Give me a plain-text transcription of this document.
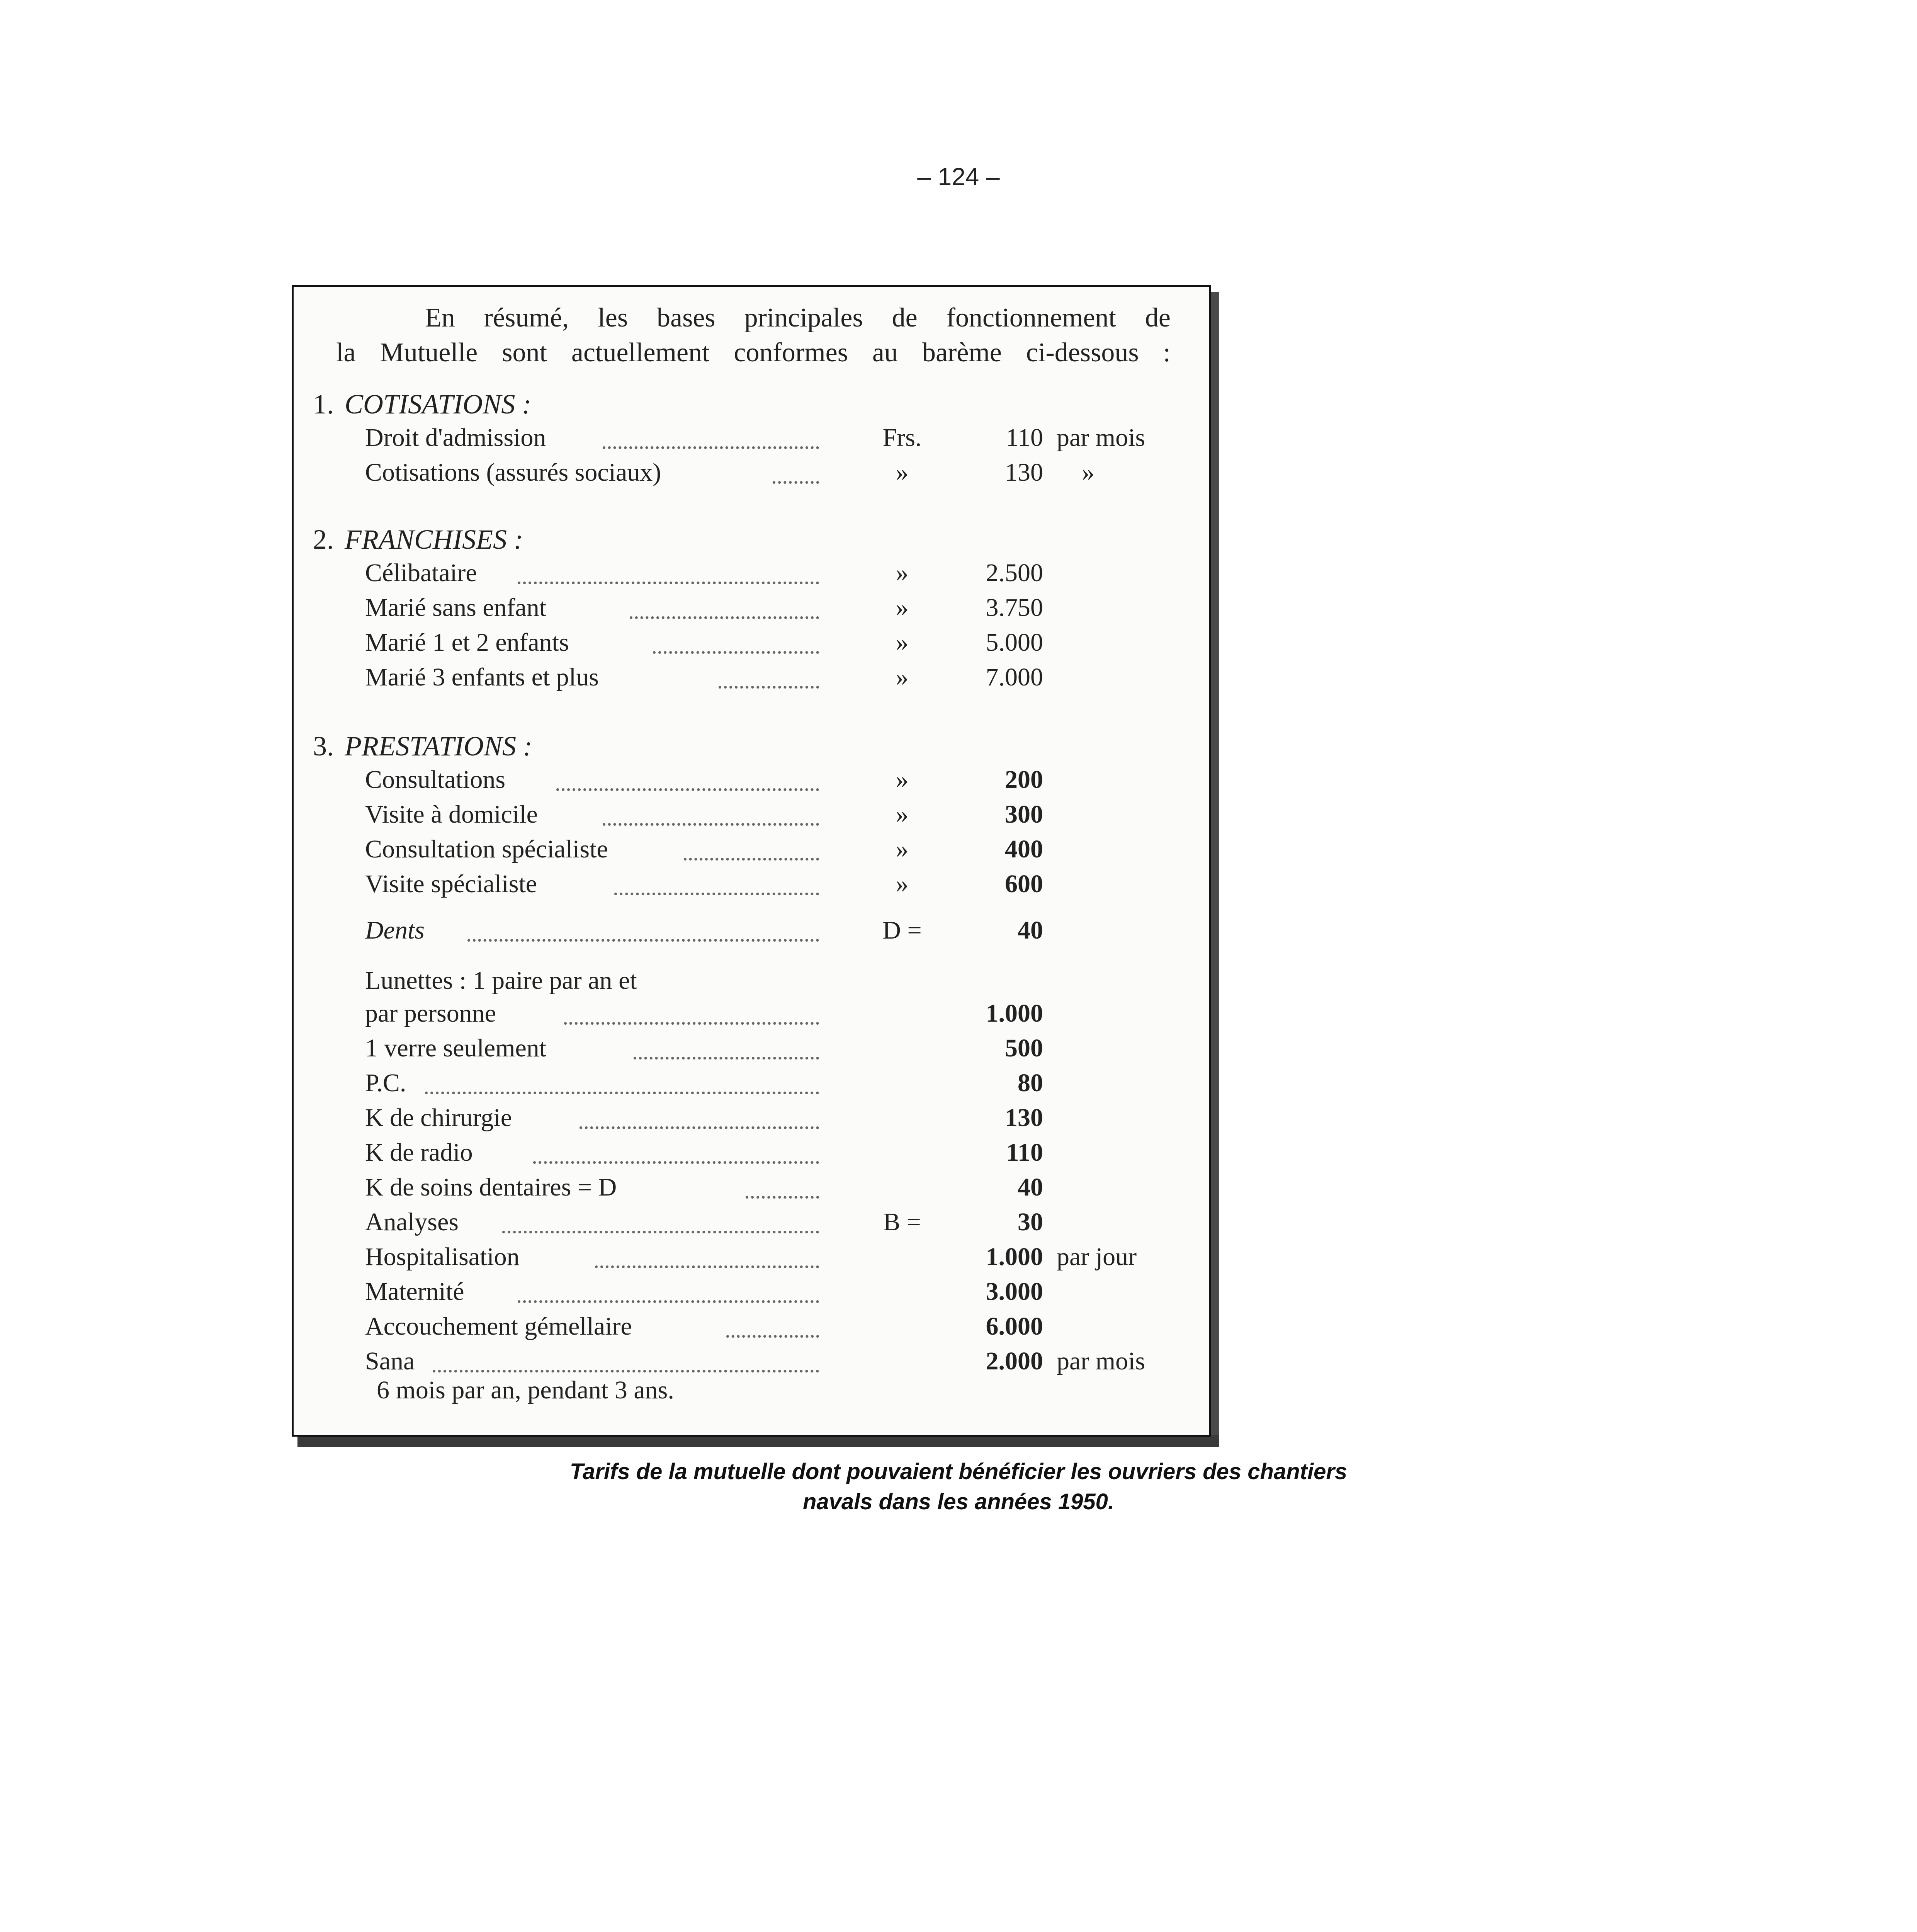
– 124 –
En résumé, les bases principales de fonctionnement de
la Mutuelle sont actuellement conformes au barème ci-dessous :
1. COTISATIONS :
Droit d'admission	Frs.	110 par mois
Cotisations (assurés sociaux)	»	130 »
2. FRANCHISES :
Célibataire	»	2.500
Marié sans enfant	»	3.750
Marié 1 et 2 enfants	»	5.000
Marié 3 enfants et plus	»	7.000
3. PRESTATIONS :
Consultations	»	200
Visite à domicile	»	300
Consultation spécialiste	»	400
Visite spécialiste	»	600
Dents	D =	40
Lunettes : 1 paire par an et
par personne	1.000
1 verre seulement	500
P.C.	80
K de chirurgie	130
K de radio	110
K de soins dentaires = D	40
Analyses	B =	30
Hospitalisation	1.000 par jour
Maternité	3.000
Accouchement gémellaire	6.000
Sana	2.000 par mois
6 mois par an, pendant 3 ans.
Tarifs de la mutuelle dont pouvaient bénéficier les ouvriers des chantiers
navals dans les années 1950.
